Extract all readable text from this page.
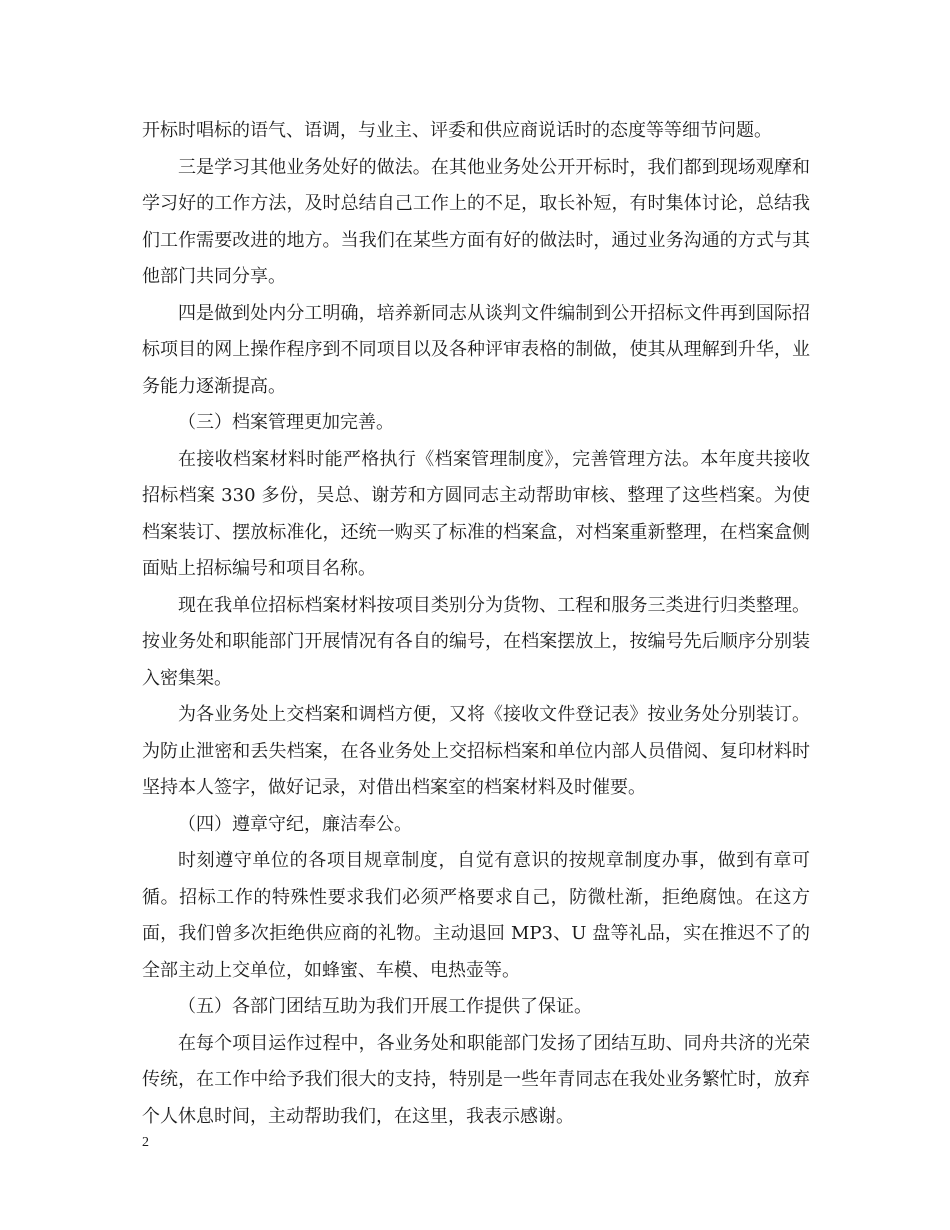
开标时唱标的语气、语调，与业主、评委和供应商说话时的态度等等细节问题。

三是学习其他业务处好的做法。在其他业务处公开开标时，我们都到现场观摩和学习好的工作方法，及时总结自己工作上的不足，取长补短，有时集体讨论，总结我们工作需要改进的地方。当我们在某些方面有好的做法时，通过业务沟通的方式与其他部门共同分享。

四是做到处内分工明确，培养新同志从谈判文件编制到公开招标文件再到国际招标项目的网上操作程序到不同项目以及各种评审表格的制做，使其从理解到升华，业务能力逐渐提高。

（三）档案管理更加完善。

在接收档案材料时能严格执行《档案管理制度》，完善管理方法。本年度共接收招标档案 330 多份，吴总、谢芳和方圆同志主动帮助审核、整理了这些档案。为使档案装订、摆放标准化，还统一购买了标准的档案盒，对档案重新整理，在档案盒侧面贴上招标编号和项目名称。

现在我单位招标档案材料按项目类别分为货物、工程和服务三类进行归类整理。按业务处和职能部门开展情况有各自的编号，在档案摆放上，按编号先后顺序分别装入密集架。

为各业务处上交档案和调档方便，又将《接收文件登记表》按业务处分别装订。为防止泄密和丢失档案，在各业务处上交招标档案和单位内部人员借阅、复印材料时坚持本人签字，做好记录，对借出档案室的档案材料及时催要。

（四）遵章守纪，廉洁奉公。

时刻遵守单位的各项目规章制度，自觉有意识的按规章制度办事，做到有章可循。招标工作的特殊性要求我们必须严格要求自己，防微杜渐，拒绝腐蚀。在这方面，我们曾多次拒绝供应商的礼物。主动退回 MP3、U 盘等礼品，实在推迟不了的全部主动上交单位，如蜂蜜、车模、电热壶等。

（五）各部门团结互助为我们开展工作提供了保证。

在每个项目运作过程中，各业务处和职能部门发扬了团结互助、同舟共济的光荣传统，在工作中给予我们很大的支持，特别是一些年青同志在我处业务繁忙时，放弃个人休息时间，主动帮助我们，在这里，我表示感谢。

2
